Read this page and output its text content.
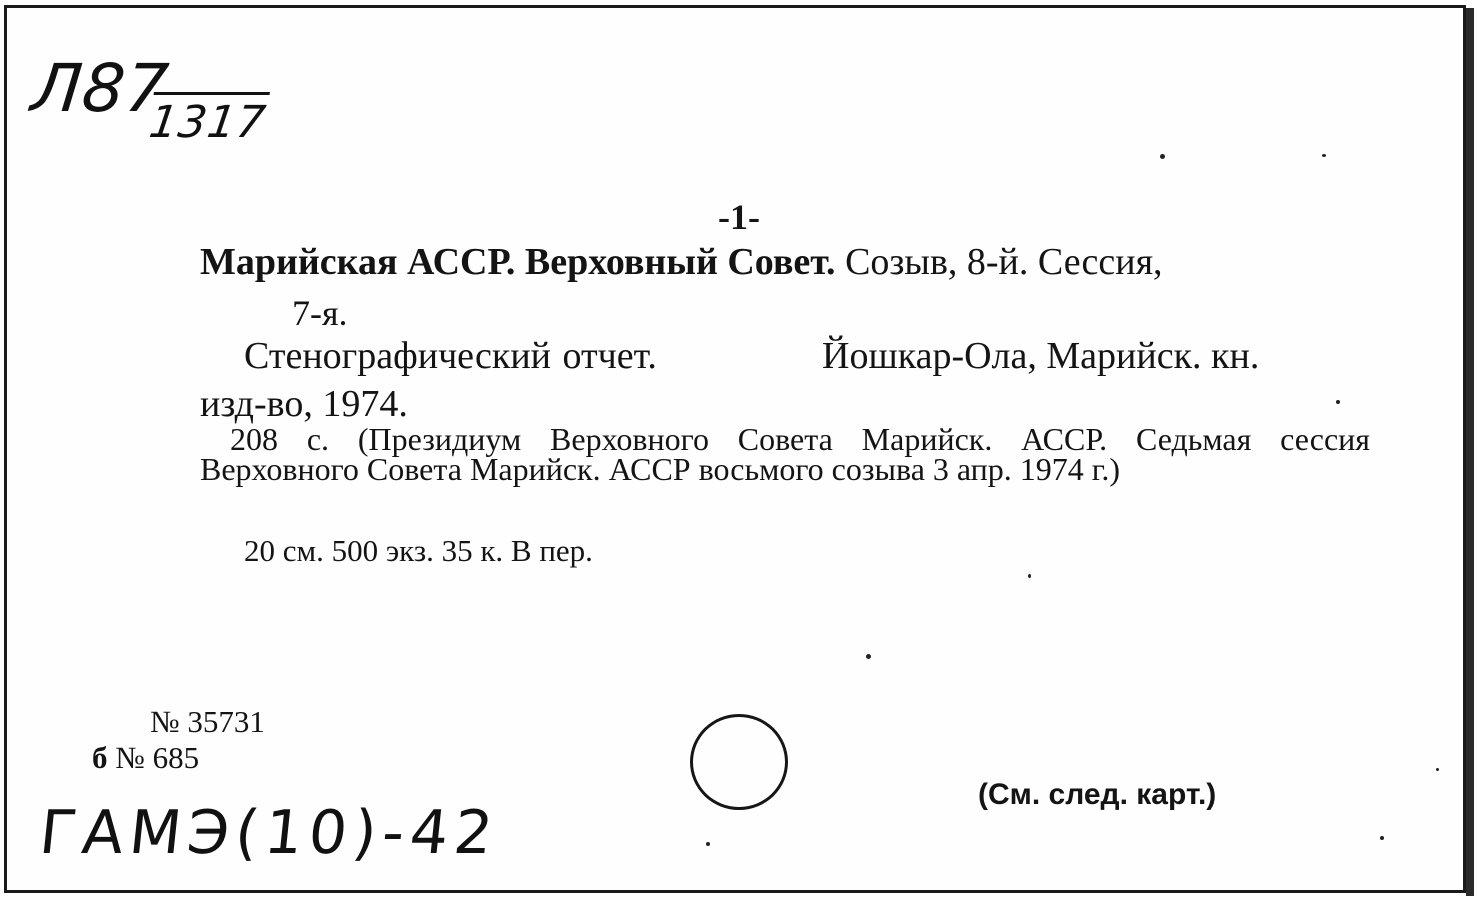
Л87
1317
-1-
Марийская АССР. Верховный Совет. Созыв, 8-й. Сессия,
7-я.
Стенографический отчет.	Йошкар-Ола, Марийск. кн.
изд-во, 1974.
208 с. (Президиум Верховного Совета Марийск. АССР. Седьмая сессия Верховного Совета Марийск. АССР восьмого созыва 3 апр. 1974 г.)
20 см. 500 экз. 35 к. В пер.
№ 35731
б № 685
ГАМЭ(10)-42
(См. след. карт.)
